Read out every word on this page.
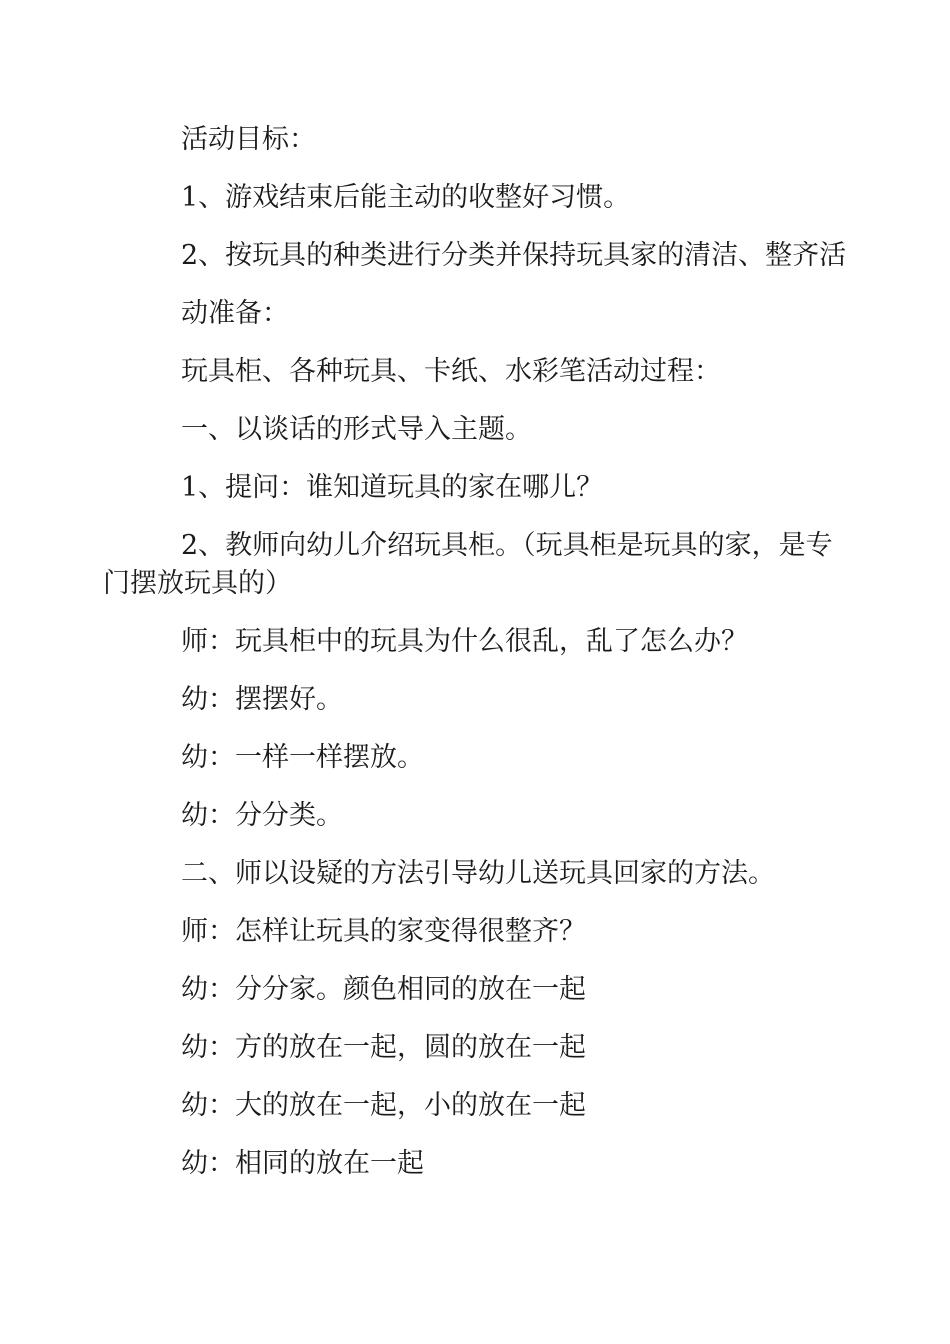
活动目标：

1、游戏结束后能主动的收整好习惯。

2、按玩具的种类进行分类并保持玩具家的清洁、整齐活

动准备：

玩具柜、各种玩具、卡纸、水彩笔活动过程：

一、以谈话的形式导入主题。

1、提问：谁知道玩具的家在哪儿？

2、教师向幼儿介绍玩具柜。（玩具柜是玩具的家，是专门摆放玩具的）

师：玩具柜中的玩具为什么很乱，乱了怎么办？

幼：摆摆好。

幼：一样一样摆放。

幼：分分类。

二、师以设疑的方法引导幼儿送玩具回家的方法。

师：怎样让玩具的家变得很整齐？

幼：分分家。颜色相同的放在一起

幼：方的放在一起，圆的放在一起

幼：大的放在一起，小的放在一起

幼：相同的放在一起
